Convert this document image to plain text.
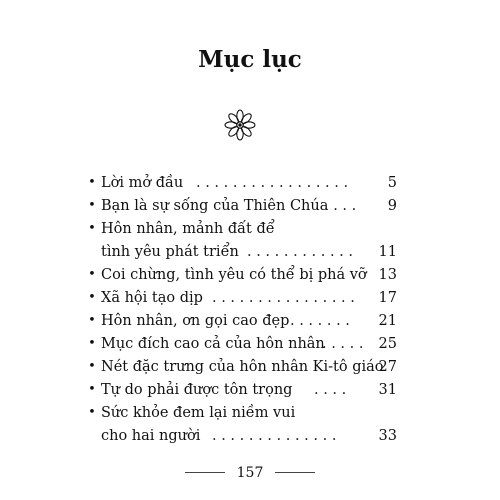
Mục lục
• Lời mở đầu . . . . . . . . . . . . . . . . .	5
• Bạn là sự sống của Thiên Chúa
. . . . 9
• Hôn nhân, mảnh đất để
tình yêu phát triển . . . . . . . . . . . . 11
• Coi chừng, tình yêu có thể bị phá vỡ 13
• Xã hội tạo dịp . . . . . . . . . . . . . . . . 17
• Hôn nhân, ơn gọi cao đẹp . . . . . . . 21
• Mục đích cao cả của hôn nhân
. . . . . 25
• Nét đặc trưng của hôn nhân Ki-tô giáo
27
• Tự do phải được tôn trọng . . . . 31
• Sức khỏe đem lại niềm vui
cho hai người . . . . . . . . . . . . . .	33
157
